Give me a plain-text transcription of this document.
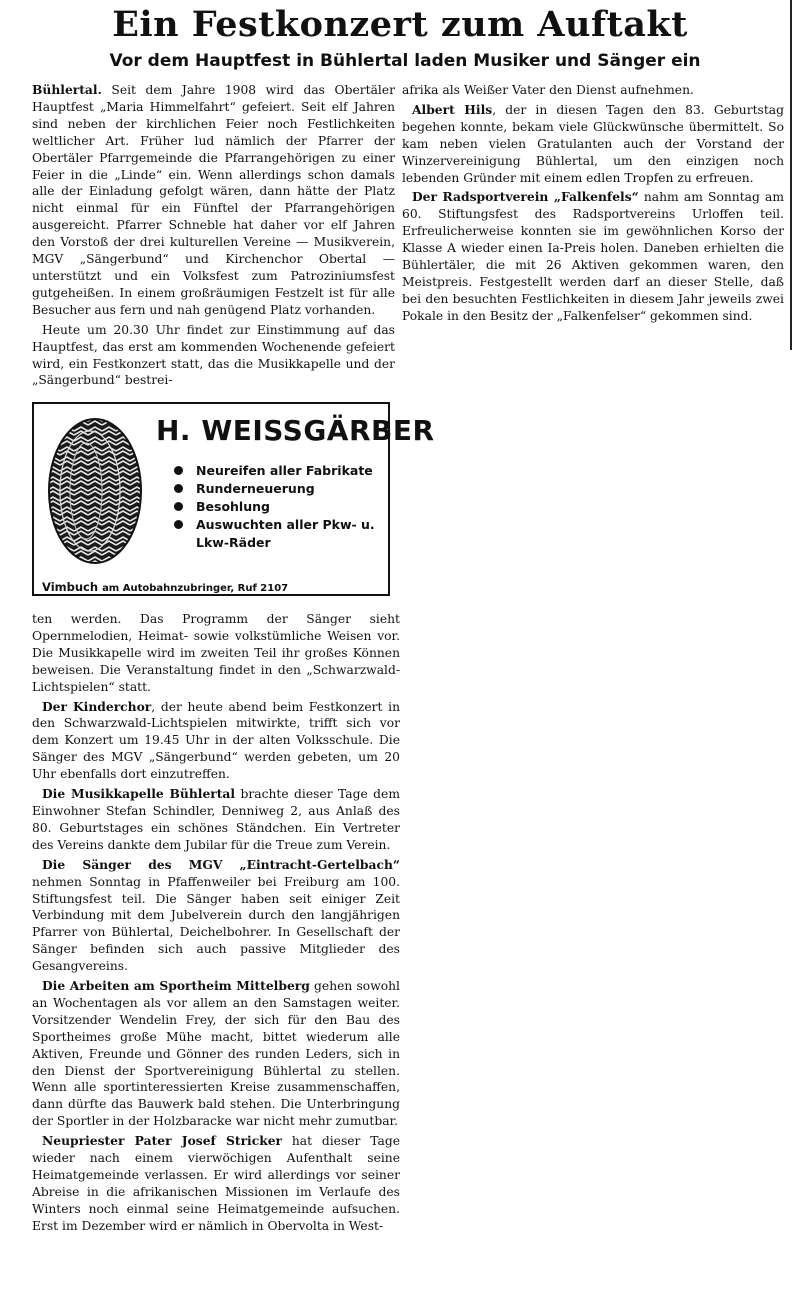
Ein Festkonzert zum Auftakt
Vor dem Hauptfest in Bühlertal laden Musiker und Sänger ein

Bühlertal. Seit dem Jahre 1908 wird das Obertäler Hauptfest „Maria Himmelfahrt“ gefeiert. Seit elf Jahren sind neben der kirchlichen Feier noch Festlichkeiten weltlicher Art. Früher lud nämlich der Pfarrer der Obertäler Pfarrgemeinde die Pfarrangehörigen zu einer Feier in die „Linde“ ein. Wenn allerdings schon damals alle der Einladung gefolgt wären, dann hätte der Platz nicht einmal für ein Fünftel der Pfarrangehörigen ausgereicht. Pfarrer Schneble hat daher vor elf Jahren den Vorstoß der drei kulturellen Vereine — Musikverein, MGV „Sängerbund“ und Kirchenchor Obertal — unterstützt und ein Volksfest zum Patroziniumsfest gutgeheißen. In einem großräumigen Festzelt ist für alle Besucher aus fern und nah genügend Platz vorhanden.

Heute um 20.30 Uhr findet zur Einstimmung auf das Hauptfest, das erst am kommenden Wochenende gefeiert wird, ein Festkonzert statt, das die Musikkapelle und der „Sängerbund“ bestrei-

H. WEISSGÄRBER
Neureifen aller Fabrikate
Runderneuerung
Besohlung
Auswuchten aller Pkw- u. Lkw-Räder
Vimbuch am Autobahnzubringer, Ruf 2107

ten werden. Das Programm der Sänger sieht Opernmelodien, Heimat- sowie volkstümliche Weisen vor. Die Musikkapelle wird im zweiten Teil ihr großes Können beweisen. Die Veranstaltung findet in den „Schwarzwald-Lichtspielen“ statt.

Der Kinderchor, der heute abend beim Festkonzert in den Schwarzwald-Lichtspielen mitwirkte, trifft sich vor dem Konzert um 19.45 Uhr in der alten Volksschule. Die Sänger des MGV „Sängerbund“ werden gebeten, um 20 Uhr ebenfalls dort einzutreffen.

Die Musikkapelle Bühlertal brachte dieser Tage dem Einwohner Stefan Schindler, Denniweg 2, aus Anlaß des 80. Geburtstages ein schönes Ständchen. Ein Vertreter des Vereins dankte dem Jubilar für die Treue zum Verein.

Die Sänger des MGV „Eintracht-Gertelbach“ nehmen Sonntag in Pfaffenweiler bei Freiburg am 100. Stiftungsfest teil. Die Sänger haben seit einiger Zeit Verbindung mit dem Jubelverein durch den langjährigen Pfarrer von Bühlertal, Deichelbohrer. In Gesellschaft der Sänger befinden sich auch passive Mitglieder des Gesangvereins.

Die Arbeiten am Sportheim Mittelberg gehen sowohl an Wochentagen als vor allem an den Samstagen weiter. Vorsitzender Wendelin Frey, der sich für den Bau des Sportheimes große Mühe macht, bittet wiederum alle Aktiven, Freunde und Gönner des runden Leders, sich in den Dienst der Sportvereinigung Bühlertal zu stellen. Wenn alle sportinteressierten Kreise zusammenschaffen, dann dürfte das Bauwerk bald stehen. Die Unterbringung der Sportler in der Holzbaracke war nicht mehr zumutbar.

Neupriester Pater Josef Stricker hat dieser Tage wieder nach einem vierwöchigen Aufenthalt seine Heimatgemeinde verlassen. Er wird allerdings vor seiner Abreise in die afrikanischen Missionen im Verlaufe des Winters noch einmal seine Heimatgemeinde aufsuchen. Erst im Dezember wird er nämlich in Obervolta in West-

afrika als Weißer Vater den Dienst aufnehmen.

Albert Hils, der in diesen Tagen den 83. Geburtstag begehen konnte, bekam viele Glückwünsche übermittelt. So kam neben vielen Gratulanten auch der Vorstand der Winzervereinigung Bühlertal, um den einzigen noch lebenden Gründer mit einem edlen Tropfen zu erfreuen.

Der Radsportverein „Falkenfels“ nahm am Sonntag am 60. Stiftungsfest des Radsportvereins Urloffen teil. Erfreulicherweise konnten sie im gewöhnlichen Korso der Klasse A wieder einen Ia-Preis holen. Daneben erhielten die Bühlertäler, die mit 26 Aktiven gekommen waren, den Meistpreis. Festgestellt werden darf an dieser Stelle, daß bei den besuchten Festlichkeiten in diesem Jahr jeweils zwei Pokale in den Besitz der „Falkenfelser“ gekommen sind.
